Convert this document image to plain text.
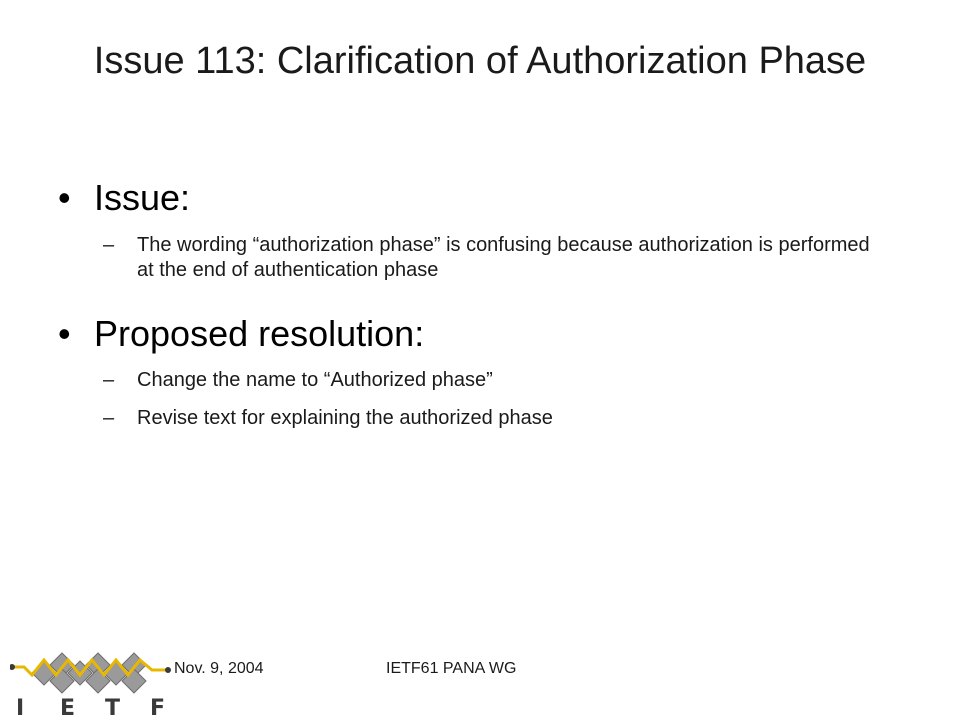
Issue 113: Clarification of Authorization Phase
• Issue:
–	The wording “authorization phase” is confusing because authorization is performed at the end of authentication phase
• Proposed resolution:
–	Change the name to “Authorized phase”
–	Revise text for explaining the authorized phase
I E T F
Nov. 9, 2004	IETF61 PANA WG
